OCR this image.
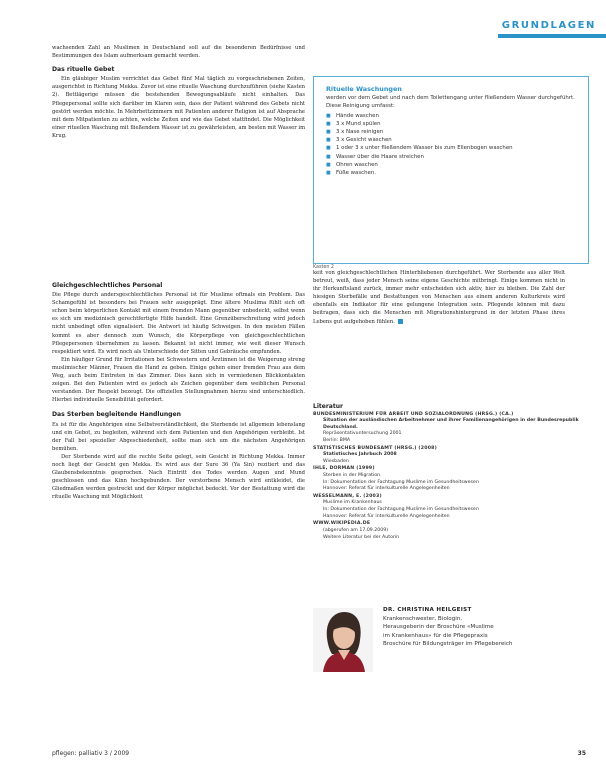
GRUNDLAGEN

wachsenden Zahl an Muslimen in Deutschland soll auf die besonderen Bedürfnisse und Bestimmungen des Islam aufmerksam gemacht werden.

Das rituelle Gebet

Ein gläubiger Muslim verrichtet das Gebet fünf Mal täglich zu vorgeschriebenen Zeiten, ausgerichtet in Richtung Mekka. Zuvor ist eine rituelle Waschung durchzuführen (siehe Kasten 2). Bettlägerige müssen die bestehenden Bewegungsabläufe nicht einhalten. Das Pflegepersonal sollte sich darüber im Klaren sein, dass der Patient während des Gebets nicht gestört werden möchte. In Mehrbettzimmern mit Patienten anderer Religion ist auf Absprache mit dem Mitpatienten zu achten, welche Zeiten und wie das Gebet stattfindet. Die Möglichkeit einer rituellen Waschung mit fließendem Wasser ist zu gewährleisten, am besten mit Wasser im Krug.

Rituelle Waschungen
werden vor dem Gebet und nach dem Toilettengang unter fließendem Wasser durchgeführt. Diese Reinigung umfasst:
■ Hände waschen
■ 3 x Mund spülen
■ 3 x Nase reinigen
■ 3 x Gesicht waschen
■ 1 oder 3 x unter fließendem Wasser bis zum Ellenbogen waschen
■ Wasser über die Haare streichen
■ Ohren waschen
■ Füße waschen.
Kasten 2
Gleichgeschlechtliches Personal

Die Pflege durch andersgeschlechtliches Personal ist für Muslime oftmals ein Problem. Das Schamgefühl ist besonders bei Frauen sehr ausgeprägt. Eine ältere Muslima fühlt sich oft schon beim körperlichen Kontakt mit einem fremden Mann gegenüber unbedeckt, selbst wenn es sich um medizinisch gerechtfertigte Hilfe handelt. Eine Grenzüberschreitung wird jedoch nicht unbedingt offen signalisiert. Die Antwort ist häufig Schweigen. In den meisten Fällen kommt es aber dennoch zum Wunsch, die Körperpflege von gleichgeschlechtlichen Pflegepersonen übernehmen zu lassen. Bekannt ist nicht immer, wie weit dieser Wunsch respektiert wird. Es wird noch als Unterschiede der Sitten und Gebräuche empfunden.

Ein häufiger Grund für Irritationen bei Schwestern und Ärztinnen ist die Weigerung streng muslimischer Männer, Frauen die Hand zu geben. Einige gehen einer fremden Frau aus dem Weg, auch beim Eintreten in das Zimmer. Dies kann sich in vermiedenen Blickkontakten zeigen. Bei den Patienten wird es jedoch als Zeichen gegenüber dem weiblichen Personal verstanden. Der Respekt bezeugt. Die offiziellen Stellungnahmen hierzu sind unterschiedlich. Hierbei individuelle Sensibilität gefordert.

Das Sterben begleitende Handlungen

Es ist für die Angehörigen eine Selbstverständlichkeit, die Sterbende ist allgemein lebenslang und ein Gebot, zu begleiten, während sich dem Patienten und den Angehörigen verbleibt. Ist der Fall bei spezieller Abgeschiedenheit, sollte man sich um die nächsten Angehörigen bemühen.

Der Sterbende wird auf die rechte Seite gelegt, sein Gesicht in Richtung Mekka. Immer noch liegt der Gesicht gen Mekka. Es wird aus der Sure 36 (Ya Sin) rezitiert und das Glaubensbekenntnis gesprochen. Nach Eintritt des Todes werden Augen und Mund geschlossen und das Kinn hochgebunden. Der verstorbene Mensch wird entkleidet, die Gliedmaßen werden gestreckt und der Körper möglichst bedeckt. Vor der Bestattung wird die rituelle Waschung mit Möglichkeit

keit von gleichgeschlechtlichen Hinterbliebenen durchgeführt. Wer Sterbende aus aller Welt betreut, weiß, dass jeder Mensch seine eigene Geschichte mitbringt. Einige kommen nicht in ihr Herkunftsland zurück, immer mehr entscheiden sich aktiv, hier zu bleiben. Die Zahl der hiesigen Sterbefälle und Bestattungen von Menschen aus einem anderen Kulturkreis wird ebenfalls ein Indikator für eine gelungene Integration sein. Pflegende können mit dazu beitragen, dass sich die Menschen mit Migrationshintergrund in der letzten Phase ihres Lebens gut aufgehoben fühlen.

Literatur
BUNDESMINISTERIUM FÜR ARBEIT UND SOZIALORDNUNG (HRSG.) (CA.)
Situation der ausländischen Arbeitnehmer und ihrer Familienangehörigen in der Bundesrepublik Deutschland.
Repräsentativuntersuchung 2001
Berlin: BMA
STATISTISCHES BUNDESAMT (HRSG.) (2008)
Statistisches Jahrbuch 2008
Wiesbaden
IHLE, DORMAN (1999)
Sterben in der Migration.
In: Dokumentation der Fachtagung Muslime im Gesundheitswesen
Hannover: Referat für interkulturelle Angelegenheiten
WESSELMANN, E. (2003)
Muslime im Krankenhaus
In: Dokumentation der Fachtagung Muslime im Gesundheitswesen
Hannover: Referat für interkulturelle Angelegenheiten
WWW.WIKIPEDIA.DE
(abgerufen am 17.09.2009)
Weitere Literatur bei der Autorin
DR. CHRISTINA HEILGEIST
Krankenschwester, Biologin,
Herausgeberin der Broschüre «Muslime
im Krankenhaus» für die Pflegepraxis
Broschüre für Bildungsträger im Pflegebereich
pflegen: palliativ 3 / 2009	35
